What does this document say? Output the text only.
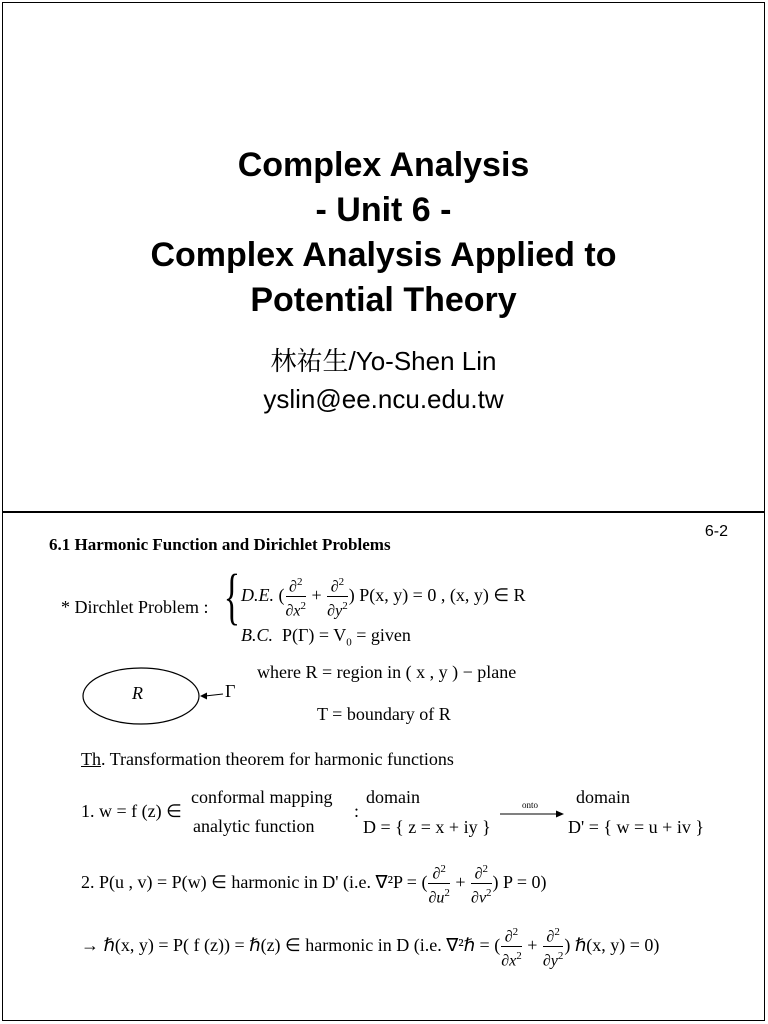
Complex Analysis
- Unit 6 -
Complex Analysis Applied to
Potential Theory
林祐生/Yo-Shen Lin
yslin@ee.ncu.edu.tw
6-2
6.1 Harmonic Function and Dirichlet Problems
* Dirchlet Problem : { D.E. ( $\frac{\partial^2}{\partial x^2} + \frac{\partial^2}{\partial y^2}$ ) P(x, y) = 0 , (x, y) ∈ R
B.C. $P(\Gamma) = V_0$ = given
R	Γ
where R = region in ( x , y ) − plane
T = boundary of R
Th. Transformation theorem for harmonic functions
1. w = f (z) ∈
conformal mapping
analytic function
:
domain
D = { z = x + iy }
onto domain
D' = { w = u + iv }
2. P(u , v) = P(w) ∈ harmonic in D' (i.e. ∇²P = ( $\frac{\partial^2}{\partial u^2} + \frac{\partial^2}{\partial v^2}$ ) P = 0)
→ ℏ(x, y) = P( f (z)) = ℏ(z) ∈ harmonic in D (i.e. ∇²ℏ = ( $\frac{\partial^2}{\partial x^2} + \frac{\partial^2}{\partial y^2}$ ) ℏ(x, y) = 0)
